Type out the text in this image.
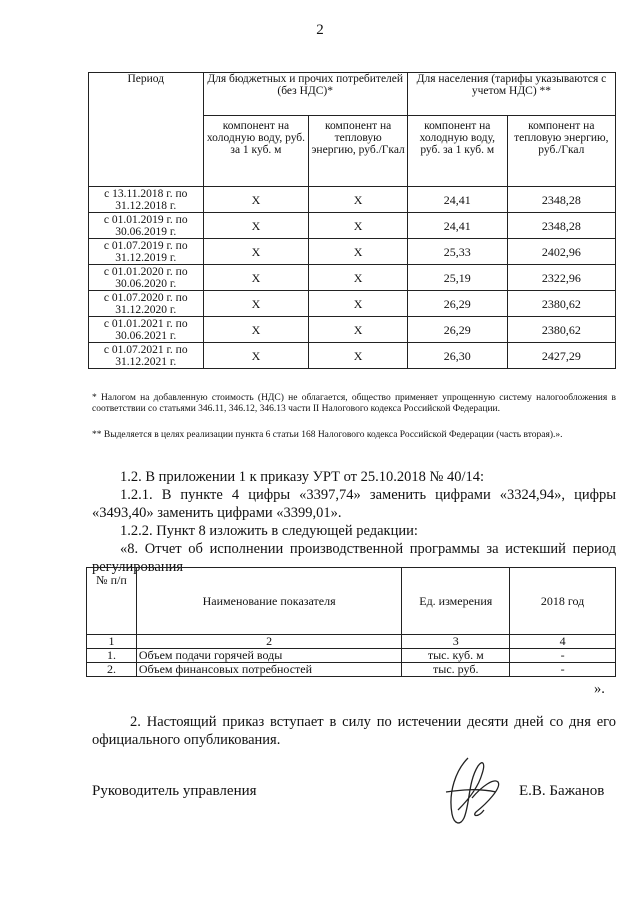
2
Период	Для бюджетных и прочих потребителей (без НДС)*		Для населения (тарифы указываются с учетом НДС) **	
	компонент на холодную воду, руб. за 1 куб. м	компонент на тепловую энергию, руб./Гкал	компонент на холодную воду, руб. за 1 куб. м	компонент на тепловую энергию, руб./Гкал
с 13.11.2018 г. по 31.12.2018 г.	X	X	24,41	2348,28
с 01.01.2019 г. по 30.06.2019 г.	X	X	24,41	2348,28
с 01.07.2019 г. по 31.12.2019 г.	X	X	25,33	2402,96
с 01.01.2020 г. по 30.06.2020 г.	X	X	25,19	2322,96
с 01.07.2020 г. по 31.12.2020 г.	X	X	26,29	2380,62
с 01.01.2021 г. по 30.06.2021 г.	X	X	26,29	2380,62
с 01.07.2021 г. по 31.12.2021 г.	X	X	26,30	2427,29
* Налогом на добавленную стоимость (НДС) не облагается, общество применяет упрощенную систему налогообложения в соответствии со статьями 346.11, 346.12, 346.13 части II Налогового кодекса Российской Федерации.
** Выделяется в целях реализации пункта 6 статьи 168 Налогового кодекса Российской Федерации (часть вторая).».
1.2. В приложении 1 к приказу УРТ от 25.10.2018 № 40/14:
1.2.1. В пункте 4 цифры «3397,74» заменить цифрами «3324,94», цифры «3493,40» заменить цифрами «3399,01».
1.2.2. Пункт 8 изложить в следующей редакции:
«8. Отчет об исполнении производственной программы за истекший период регулирования
№ п/п	Наименование показателя	Ед. измерения	2018 год
1	2	3	4
1.	Объем подачи горячей воды	тыс. куб. м	-
2.	Объем финансовых потребностей	тыс. руб.	-
».
2. Настоящий приказ вступает в силу по истечении десяти дней со дня его официального опубликования.
Руководитель управления	Е.В. Бажанов
